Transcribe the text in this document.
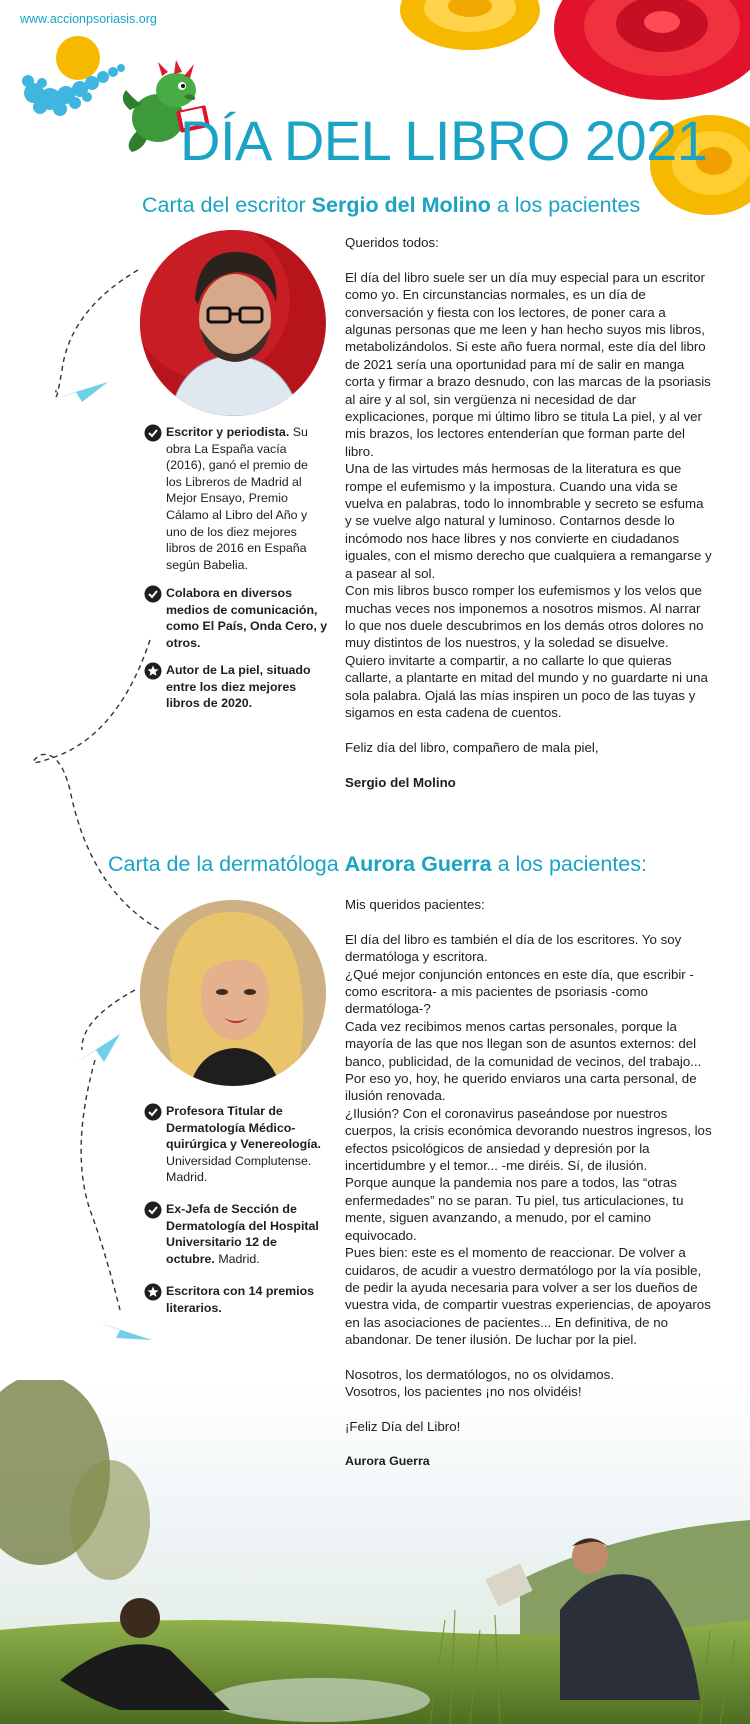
www.accionpsoriasis.org
DÍA DEL LIBRO 2021
Carta del escritor Sergio del Molino a los pacientes
Escritor y periodista. Su obra La España vacía (2016), ganó el premio de los Libreros de Madrid al Mejor Ensayo, Premio Cálamo al Libro del Año y uno de los diez mejores libros de 2016 en España según Babelia.
Colabora en diversos medios de comunicación, como El País, Onda Cero, y otros.
Autor de La piel, situado entre los diez mejores libros de 2020.

Queridos todos:

El día del libro suele ser un día muy especial para un escritor como yo. En circunstancias normales, es un día de conversación y fiesta con los lectores, de poner cara a algunas personas que me leen y han hecho suyos mis libros, metabolizándolos. Si este año fuera normal, este día del libro de 2021 sería una oportunidad para mí de salir en manga corta y firmar a brazo desnudo, con las marcas de la psoriasis al aire y al sol, sin vergüenza ni necesidad de dar explicaciones, porque mi último libro se titula La piel, y al ver mis brazos, los lectores entenderían que forman parte del libro.

Una de las virtudes más hermosas de la literatura es que rompe el eufemismo y la impostura. Cuando una vida se vuelva en palabras, todo lo innombrable y secreto se esfuma y se vuelve algo natural y luminoso. Contarnos desde lo incómodo nos hace libres y nos convierte en ciudadanos iguales, con el mismo derecho que cualquiera a remangarse y a pasear al sol.

Con mis libros busco romper los eufemismos y los velos que muchas veces nos imponemos a nosotros mismos. Al narrar lo que nos duele descubrimos en los demás otros dolores no muy distintos de los nuestros, y la soledad se disuelve.

Quiero invitarte a compartir, a no callarte lo que quieras callarte, a plantarte en mitad del mundo y no guardarte ni una sola palabra. Ojalá las mías inspiren un poco de las tuyas y sigamos en esta cadena de cuentos.

Feliz día del libro, compañero de mala piel,

Sergio del Molino

Carta de la dermatóloga Aurora Guerra a los pacientes:
Profesora Titular de Dermatología Médico-quirúrgica y Venereología. Universidad Complutense. Madrid.
Ex-Jefa de Sección de Dermatología del Hospital Universitario 12 de octubre. Madrid.
Escritora con 14 premios literarios.

Mis queridos pacientes:

El día del libro es también el día de los escritores. Yo soy dermatóloga y escritora.

¿Qué mejor conjunción entonces en este día, que escribir -como escritora- a mis pacientes de psoriasis -como dermatóloga-?

Cada vez recibimos menos cartas personales, porque la mayoría de las que nos llegan son de asuntos externos: del banco, publicidad, de la comunidad de vecinos, del trabajo... Por eso yo, hoy, he querido enviaros una carta personal, de ilusión renovada.

¿Ilusión? Con el coronavirus paseándose por nuestros cuerpos, la crisis económica devorando nuestros ingresos, los efectos psicológicos de ansiedad y depresión por la incertidumbre y el temor... -me diréis. Sí, de ilusión.

Porque aunque la pandemia nos pare a todos, las “otras enfermedades” no se paran. Tu piel, tus articulaciones, tu mente, siguen avanzando, a menudo, por el camino equivocado.

Pues bien: este es el momento de reaccionar. De volver a cuidaros, de acudir a vuestro dermatólogo por la vía posible, de pedir la ayuda necesaria para volver a ser los dueños de vuestra vida, de compartir vuestras experiencias, de apoyaros en las asociaciones de pacientes... En definitiva, de no abandonar. De tener ilusión. De luchar por la piel.

Nosotros, los dermatólogos, no os olvidamos.

Vosotros, los pacientes ¡no nos olvidéis!

¡Feliz Día del Libro!

Aurora Guerra
